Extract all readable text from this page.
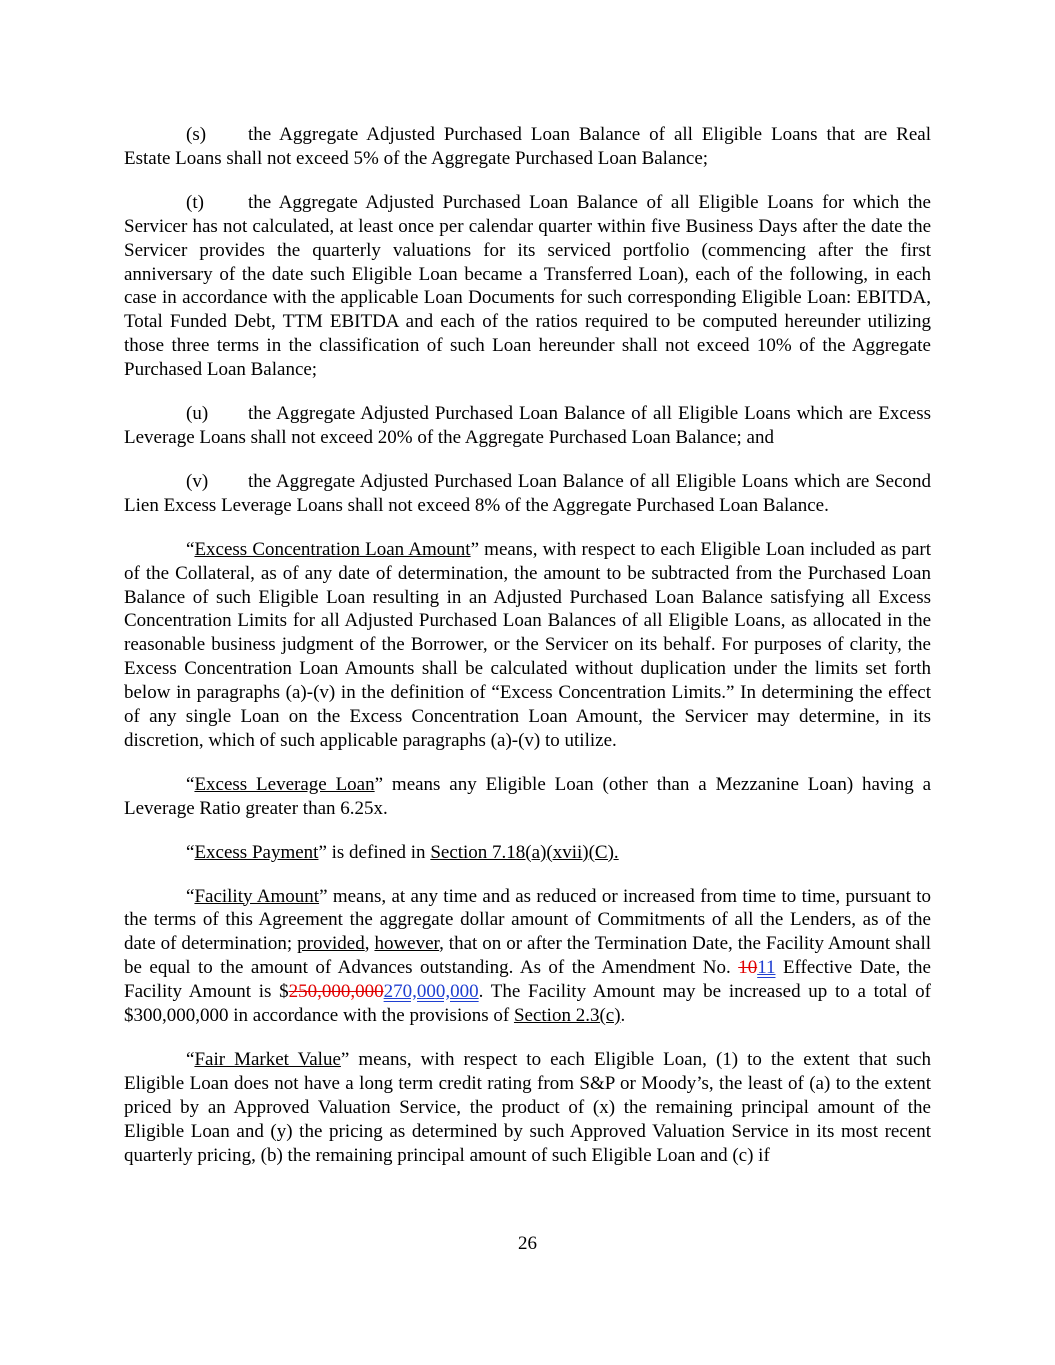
(s) the Aggregate Adjusted Purchased Loan Balance of all Eligible Loans that are Real Estate Loans shall not exceed 5% of the Aggregate Purchased Loan Balance;

(t) the Aggregate Adjusted Purchased Loan Balance of all Eligible Loans for which the Servicer has not calculated, at least once per calendar quarter within five Business Days after the date the Servicer provides the quarterly valuations for its serviced portfolio (commencing after the first anniversary of the date such Eligible Loan became a Transferred Loan), each of the following, in each case in accordance with the applicable Loan Documents for such corresponding Eligible Loan: EBITDA, Total Funded Debt, TTM EBITDA and each of the ratios required to be computed hereunder utilizing those three terms in the classification of such Loan hereunder shall not exceed 10% of the Aggregate Purchased Loan Balance;

(u) the Aggregate Adjusted Purchased Loan Balance of all Eligible Loans which are Excess Leverage Loans shall not exceed 20% of the Aggregate Purchased Loan Balance; and

(v) the Aggregate Adjusted Purchased Loan Balance of all Eligible Loans which are Second Lien Excess Leverage Loans shall not exceed 8% of the Aggregate Purchased Loan Balance.

“Excess Concentration Loan Amount” means, with respect to each Eligible Loan included as part of the Collateral, as of any date of determination, the amount to be subtracted from the Purchased Loan Balance of such Eligible Loan resulting in an Adjusted Purchased Loan Balance satisfying all Excess Concentration Limits for all Adjusted Purchased Loan Balances of all Eligible Loans, as allocated in the reasonable business judgment of the Borrower, or the Servicer on its behalf. For purposes of clarity, the Excess Concentration Loan Amounts shall be calculated without duplication under the limits set forth below in paragraphs (a)-(v) in the definition of “Excess Concentration Limits.” In determining the effect of any single Loan on the Excess Concentration Loan Amount, the Servicer may determine, in its discretion, which of such applicable paragraphs (a)-(v) to utilize.

“Excess Leverage Loan” means any Eligible Loan (other than a Mezzanine Loan) having a Leverage Ratio greater than 6.25x.

“Excess Payment” is defined in Section 7.18(a)(xvii)(C).

“Facility Amount” means, at any time and as reduced or increased from time to time, pursuant to the terms of this Agreement the aggregate dollar amount of Commitments of all the Lenders, as of the date of determination; provided, however, that on or after the Termination Date, the Facility Amount shall be equal to the amount of Advances outstanding. As of the Amendment No. 1011 Effective Date, the Facility Amount is $250,000,000270,000,000. The Facility Amount may be increased up to a total of $300,000,000 in accordance with the provisions of Section 2.3(c).

“Fair Market Value” means, with respect to each Eligible Loan, (1) to the extent that such Eligible Loan does not have a long term credit rating from S&P or Moody’s, the least of (a) to the extent priced by an Approved Valuation Service, the product of (x) the remaining principal amount of the Eligible Loan and (y) the pricing as determined by such Approved Valuation Service in its most recent quarterly pricing, (b) the remaining principal amount of such Eligible Loan and (c) if

26
